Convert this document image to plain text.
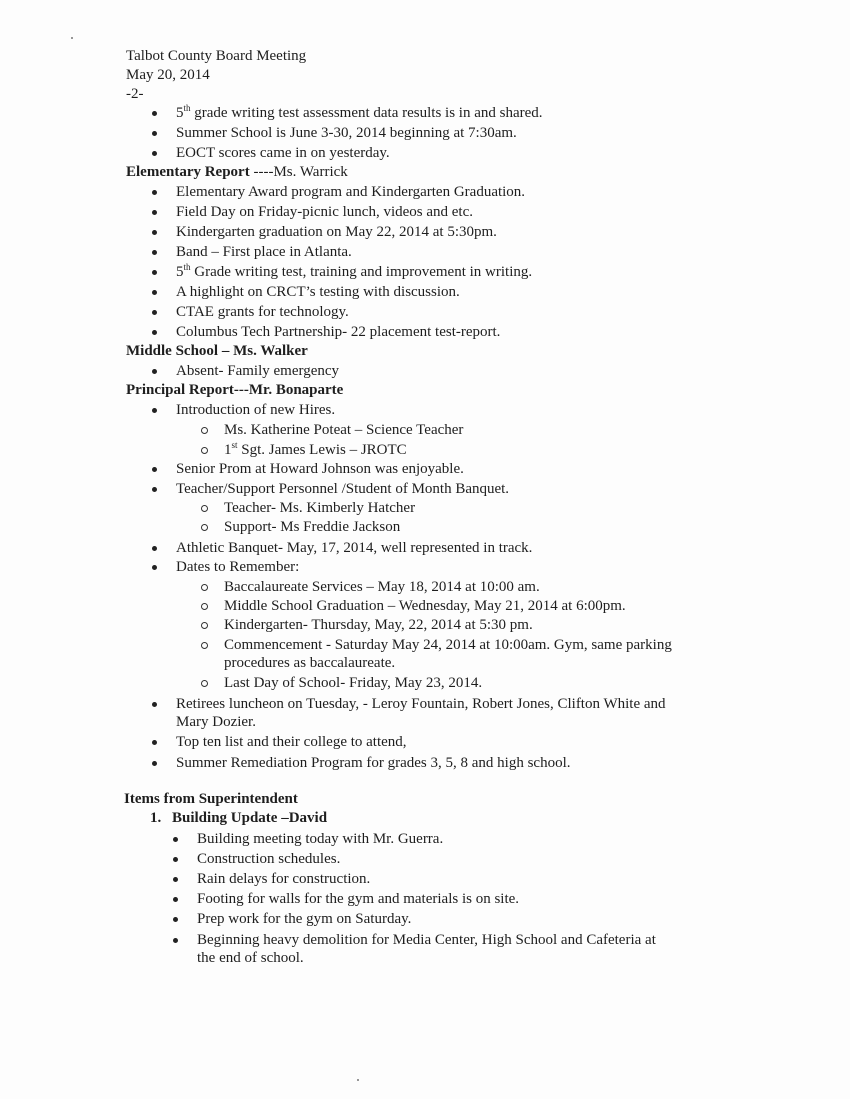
Talbot County Board Meeting
May 20, 2014
-2-
5th grade writing test assessment data results is in and shared.
Summer School is June 3-30, 2014 beginning at 7:30am.
EOCT scores came in on yesterday.
Elementary Report ----Ms. Warrick
Elementary Award program and Kindergarten Graduation.
Field Day on Friday-picnic lunch, videos and etc.
Kindergarten graduation on May 22, 2014 at 5:30pm.
Band – First place in Atlanta.
5th Grade writing test, training and improvement in writing.
A highlight on CRCT’s testing with discussion.
CTAE grants for technology.
Columbus Tech Partnership- 22 placement test-report.
Middle School – Ms. Walker
Absent- Family emergency
Principal Report---Mr. Bonaparte
Introduction of new Hires.
Ms. Katherine Poteat – Science Teacher
1st Sgt. James Lewis – JROTC
Senior Prom at Howard Johnson was enjoyable.
Teacher/Support Personnel /Student of Month Banquet.
Teacher- Ms. Kimberly Hatcher
Support- Ms Freddie Jackson
Athletic Banquet- May, 17, 2014, well represented in track.
Dates to Remember:
Baccalaureate Services – May 18, 2014 at 10:00 am.
Middle School Graduation – Wednesday, May 21, 2014 at 6:00pm.
Kindergarten- Thursday, May, 22, 2014 at 5:30 pm.
Commencement - Saturday May 24, 2014 at 10:00am. Gym, same parking
procedures as baccalaureate.
Last Day of School- Friday, May 23, 2014.
Retirees luncheon on Tuesday, - Leroy Fountain, Robert Jones, Clifton White and
Mary Dozier.
Top ten list and their college to attend,
Summer Remediation Program for grades 3, 5, 8 and high school.
Items from Superintendent
1. Building Update –David
Building meeting today with Mr. Guerra.
Construction schedules.
Rain delays for construction.
Footing for walls for the gym and materials is on site.
Prep work for the gym on Saturday.
Beginning heavy demolition for Media Center, High School and Cafeteria at
the end of school.
